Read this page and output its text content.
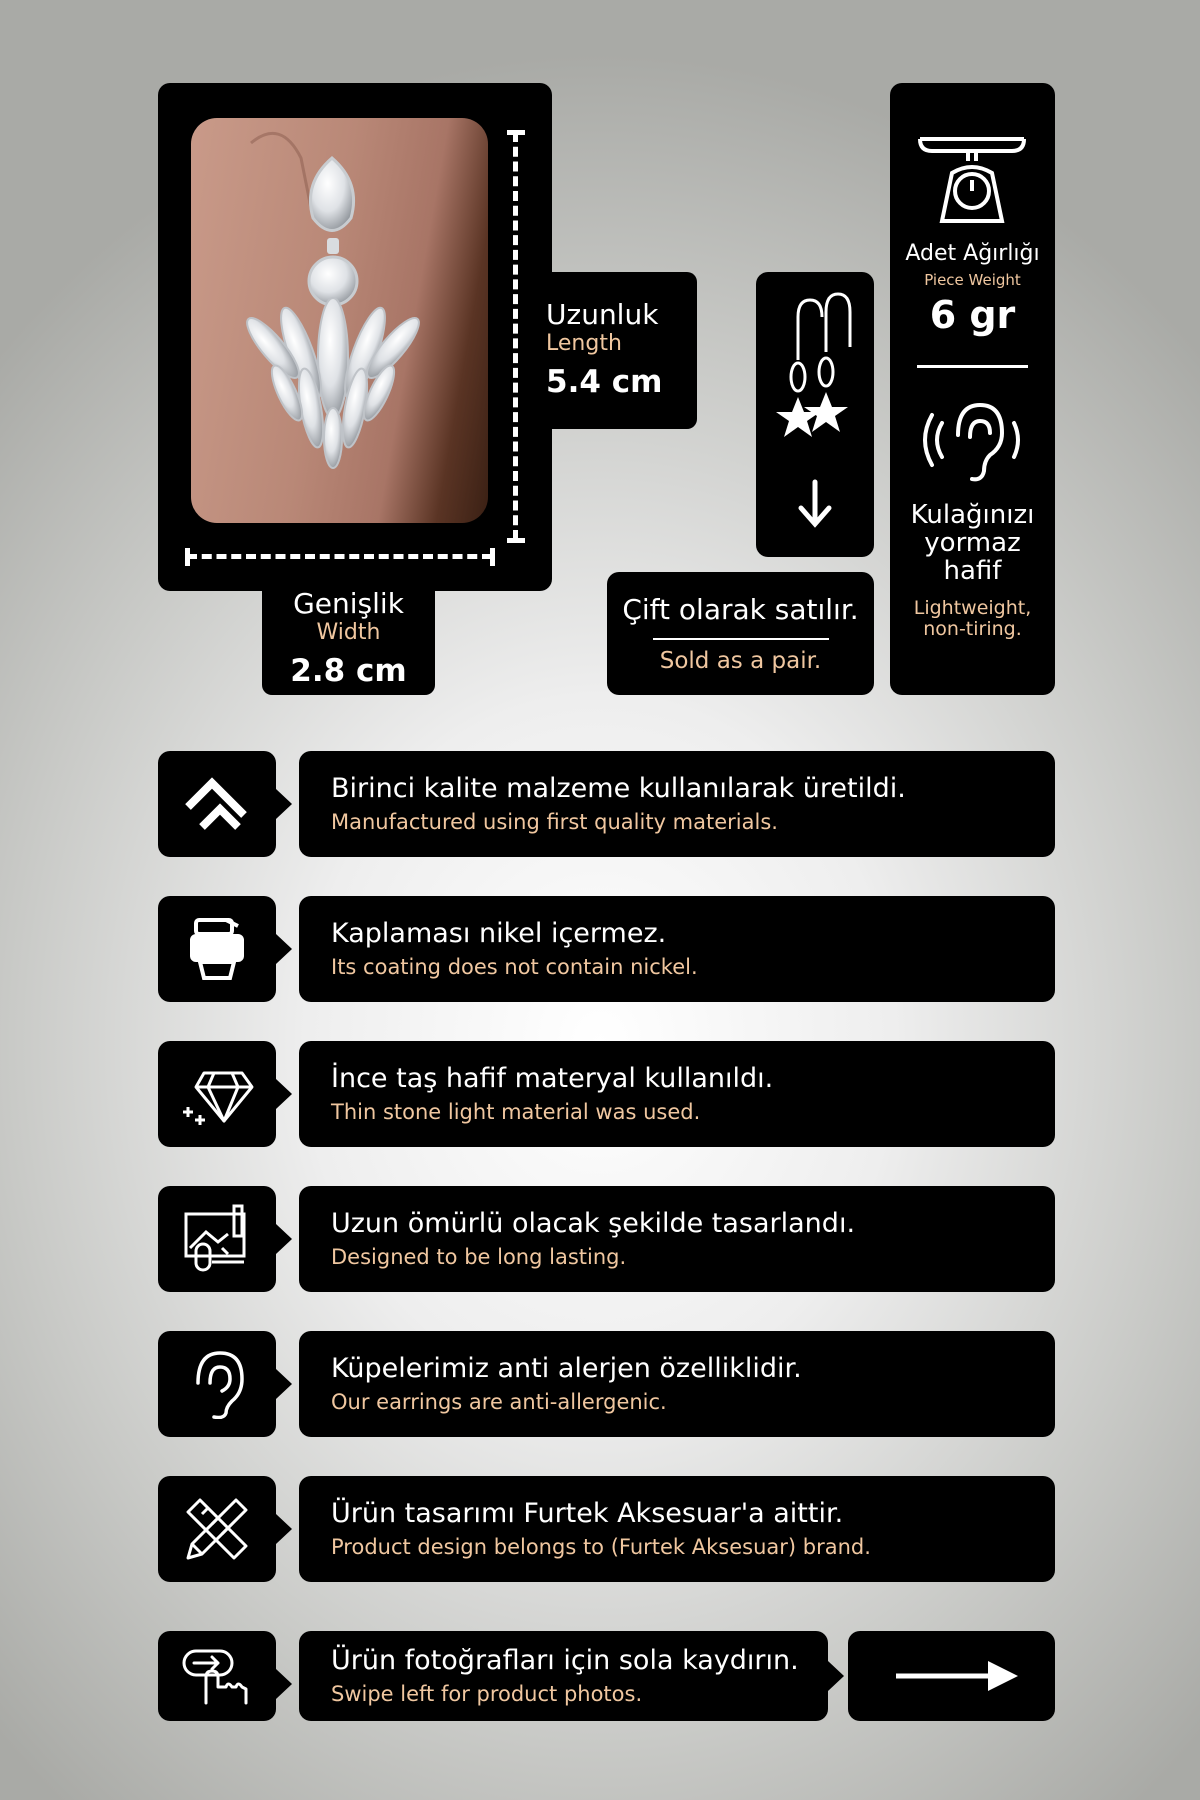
Uzunluk
Length
5.4 cm
Genişlik
Width
2.8 cm
Çift olarak satılır.
Sold as a pair.
Adet Ağırlığı
Piece Weight
6 gr
Kulağınızı
yormaz
hafif
Lightweight,
non-tiring.
Birinci kalite malzeme kullanılarak üretildi.
Manufactured using first quality materials.
Kaplaması nikel içermez.
Its coating does not contain nickel.
İnce taş hafif materyal kullanıldı.
Thin stone light material was used.
Uzun ömürlü olacak şekilde tasarlandı.
Designed to be long lasting.
Küpelerimiz anti alerjen özelliklidir.
Our earrings are anti-allergenic.
Ürün tasarımı Furtek Aksesuar'a aittir.
Product design belongs to (Furtek Aksesuar) brand.
Ürün fotoğrafları için sola kaydırın.
Swipe left for product photos.
